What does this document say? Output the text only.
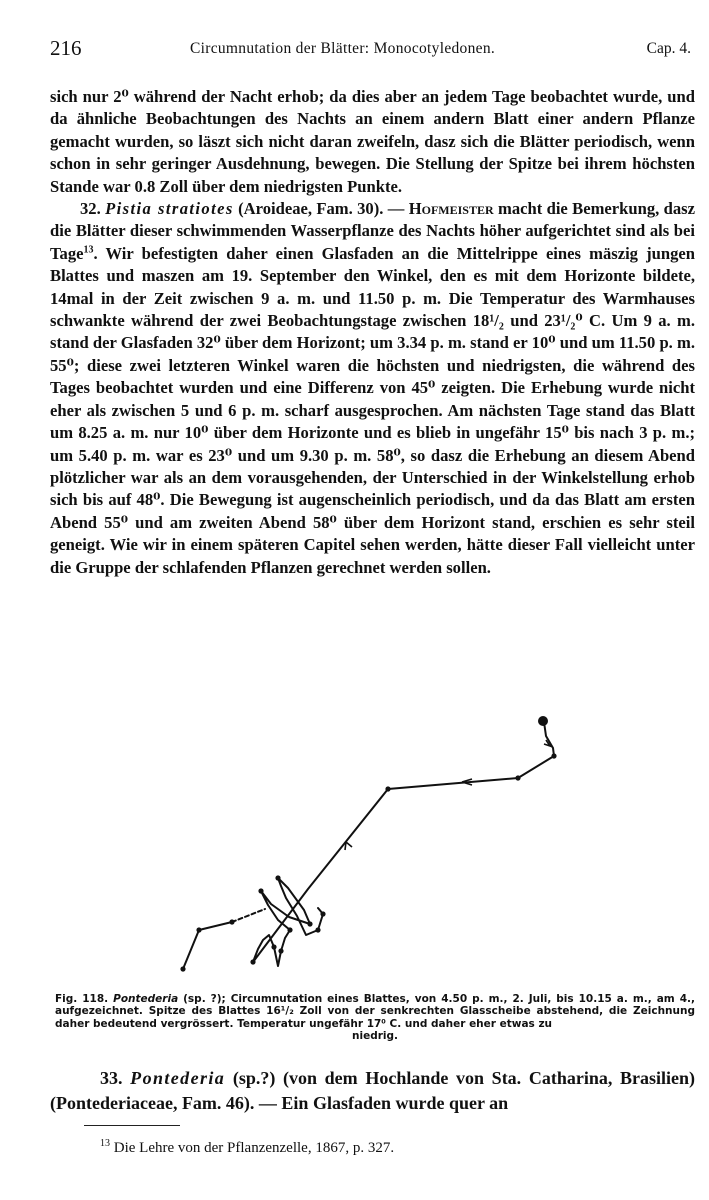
216	Circumnutation der Blätter: Monocotyledonen.	Cap. 4.

sich nur 2⁰ während der Nacht erhob; da dies aber an jedem Tage beobachtet wurde, und da ähnliche Beobachtungen des Nachts an einem andern Blatt einer andern Pflanze gemacht wurden, so läszt sich nicht daran zweifeln, dasz sich die Blätter periodisch, wenn schon in sehr geringer Ausdehnung, bewegen. Die Stellung der Spitze bei ihrem höchsten Stande war 0.8 Zoll über dem niedrigsten Punkte.

32. Pistia stratiotes (Aroideae, Fam. 30). — Hofmeister macht die Bemerkung, dasz die Blätter dieser schwimmenden Wasserpflanze des Nachts höher aufgerichtet sind als bei Tage$^{13}$. Wir befestigten daher einen Glasfaden an die Mittelrippe eines mäszig jungen Blattes und maszen am 19. September den Winkel, den es mit dem Horizonte bildete, 14mal in der Zeit zwischen 9 a. m. und 11.50 p. m. Die Temperatur des Warmhauses schwankte während der zwei Beobachtungstage zwischen 18¹/₂ und 23¹/₂⁰ C. Um 9 a. m. stand der Glasfaden 32⁰ über dem Horizont; um 3.34 p. m. stand er 10⁰ und um 11.50 p. m. 55⁰; diese zwei letzteren Winkel waren die höchsten und niedrigsten, die während des Tages beobachtet wurden und eine Differenz von 45⁰ zeigten. Die Erhebung wurde nicht eher als zwischen 5 und 6 p. m. scharf ausgesprochen. Am nächsten Tage stand das Blatt um 8.25 a. m. nur 10⁰ über dem Horizonte und es blieb in ungefähr 15⁰ bis nach 3 p. m.; um 5.40 p. m. war es 23⁰ und um 9.30 p. m. 58⁰, so dasz die Erhebung an diesem Abend plötzlicher war als an dem vorausgehenden, der Unterschied in der Winkelstellung erhob sich bis auf 48⁰. Die Bewegung ist augenscheinlich periodisch, und da das Blatt am ersten Abend 55⁰ und am zweiten Abend 58⁰ über dem Horizont stand, erschien es sehr steil geneigt. Wie wir in einem späteren Capitel sehen werden, hätte dieser Fall vielleicht unter die Gruppe der schlafenden Pflanzen gerechnet werden sollen.

Fig. 118. Pontederia (sp. ?); Circumnutation eines Blattes, von 4.50 p. m., 2. Juli, bis 10.15 a. m., am 4., aufgezeichnet. Spitze des Blattes 16¹/₂ Zoll von der senkrechten Glasscheibe abstehend, die Zeichnung daher bedeutend vergrössert. Temperatur ungefähr 17⁰ C. und daher eher etwas zu
niedrig.
33. Pontederia (sp.?) (von dem Hochlande von Sta. Catharina, Brasilien) (Pontederiaceae, Fam. 46). — Ein Glasfaden wurde quer an
$^{13}$ Die Lehre von der Pflanzenzelle, 1867, p. 327.
